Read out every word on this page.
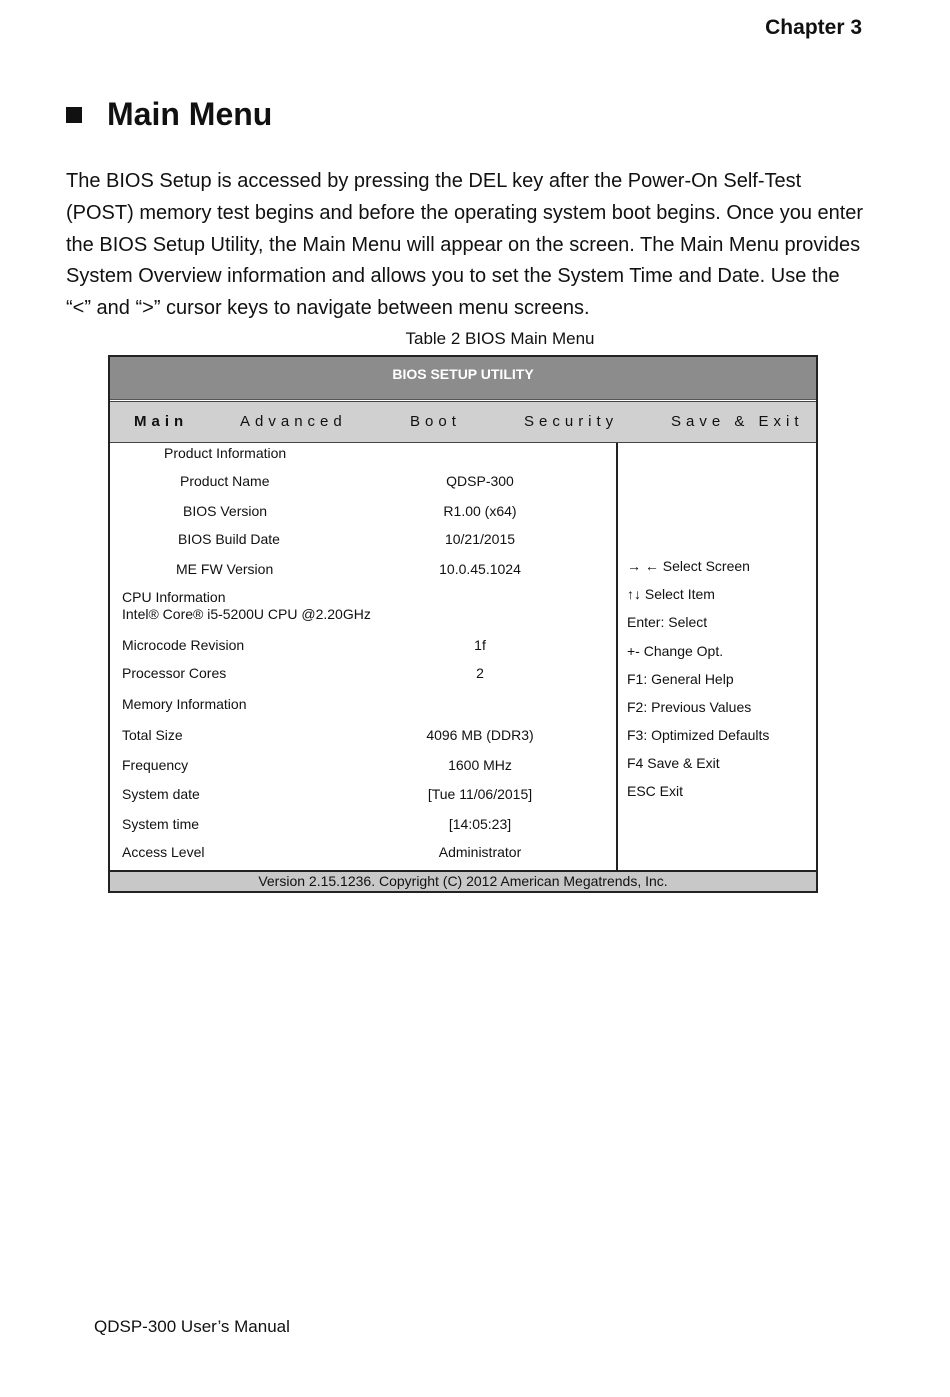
Chapter 3
Main Menu

The BIOS Setup is accessed by pressing the DEL key after the Power-On Self-Test (POST) memory test begins and before the operating system boot begins. Once you enter the BIOS Setup Utility, the Main Menu will appear on the screen. The Main Menu provides System Overview information and allows you to set the System Time and Date. Use the “<” and “>” cursor keys to navigate between menu screens.

Table 2 BIOS Main Menu
BIOS SETUP UTILITY
Main	Advanced	Boot	Security	Save & Exit
Product Information
Product Name	QDSP-300
BIOS Version	R1.00 (x64)
BIOS Build Date	10/21/2015
ME FW Version	10.0.45.1024
CPU Information
Intel® Core® i5-5200U CPU @2.20GHz
Microcode Revision	1f
Processor Cores	2
Memory Information
Total Size	4096 MB (DDR3)
Frequency	1600 MHz
System date	[Tue 11/06/2015]
System time	[14:05:23]
Access Level	Administrator
→ ← Select Screen
↑↓ Select Item
Enter: Select
+- Change Opt.
F1: General Help
F2: Previous Values
F3: Optimized Defaults
F4 Save & Exit
ESC Exit
Version 2.15.1236. Copyright (C) 2012 American Megatrends, Inc.
QDSP-300 User’s Manual
